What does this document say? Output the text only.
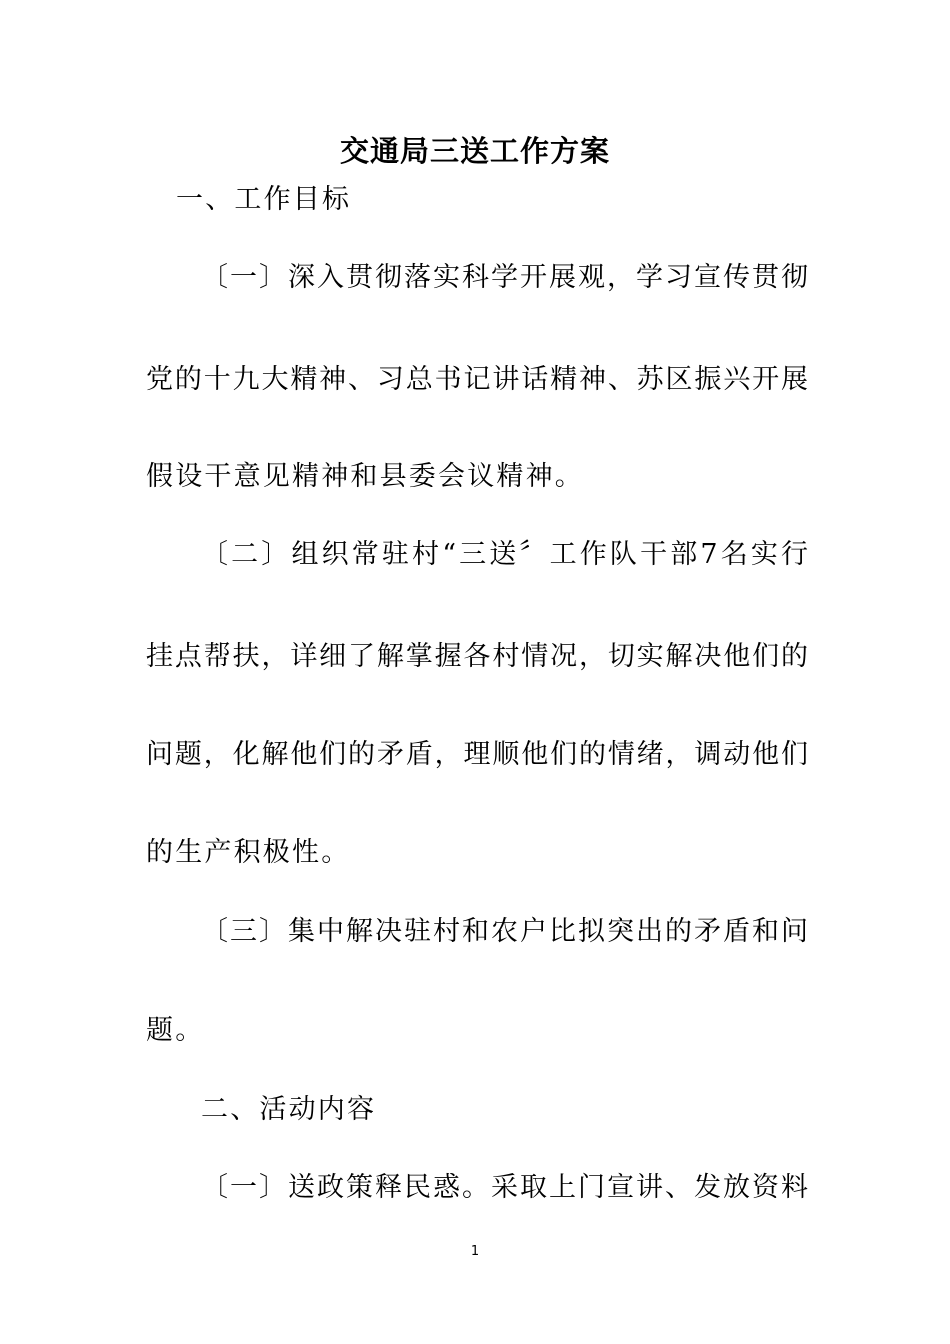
交通局三送工作方案
一、工作目标
〔一〕深入贯彻落实科学开展观，学习宣传贯彻
党的十九大精神、习总书记讲话精神、苏区振兴开展
假设干意见精神和县委会议精神。
〔二〕组织常驻村“三送〞工作队干部7名实行
挂点帮扶，详细了解掌握各村情况，切实解决他们的
问题，化解他们的矛盾，理顺他们的情绪，调动他们
的生产积极性。
〔三〕集中解决驻村和农户比拟突出的矛盾和问
题。
二、活动内容
〔一〕送政策释民惑。采取上门宣讲、发放资料
1
